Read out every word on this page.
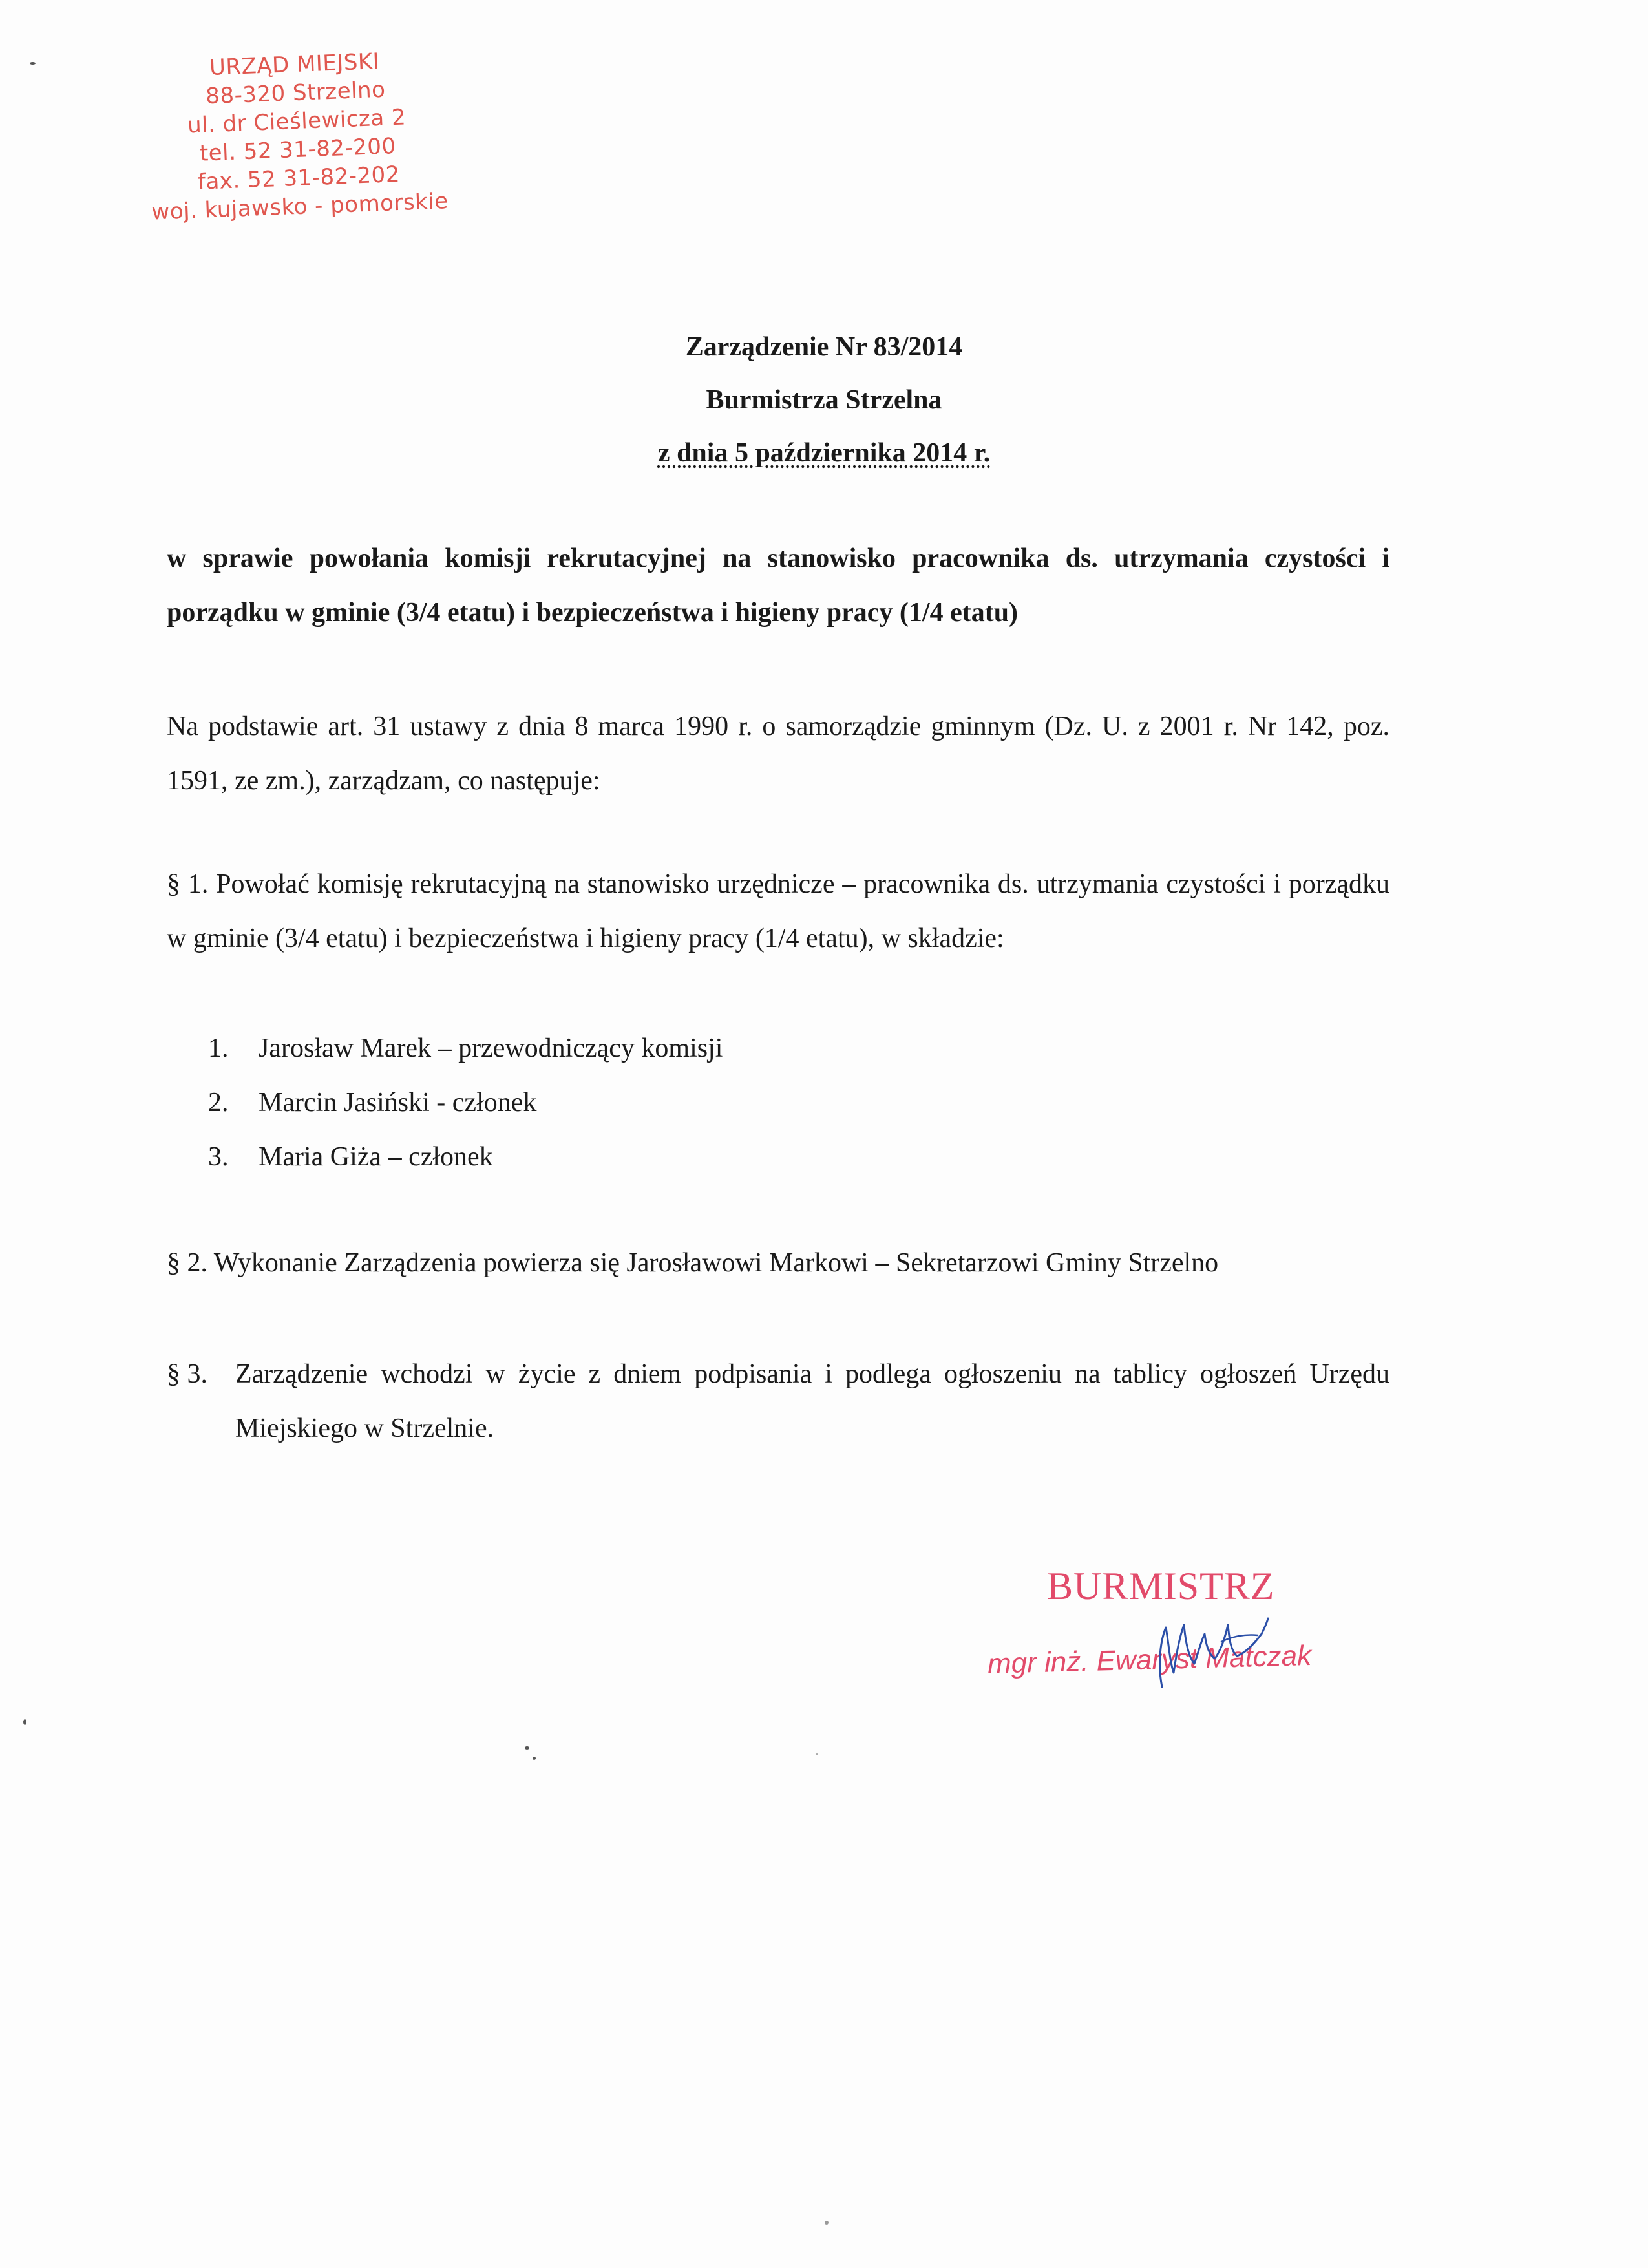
URZĄD MIEJSKI
88-320 Strzelno
ul. dr Cieślewicza 2
tel. 52 31-82-200
fax. 52 31-82-202
woj. kujawsko - pomorskie
Zarządzenie Nr 83/2014
Burmistrza Strzelna
z dnia 5 października 2014 r.
w sprawie powołania komisji rekrutacyjnej na stanowisko pracownika ds. utrzymania czystości i porządku w gminie (3/4 etatu) i bezpieczeństwa i higieny pracy (1/4 etatu)
Na podstawie art. 31 ustawy z dnia 8 marca 1990 r. o samorządzie gminnym (Dz. U. z 2001 r. Nr 142, poz. 1591, ze zm.), zarządzam, co następuje:
§ 1. Powołać komisję rekrutacyjną na stanowisko urzędnicze – pracownika ds. utrzymania czystości i porządku w gminie (3/4 etatu) i bezpieczeństwa i higieny pracy (1/4 etatu), w składzie:
1.	Jarosław Marek – przewodniczący komisji
2.	Marcin Jasiński - członek
3.	Maria Giża – członek
§ 2. Wykonanie Zarządzenia powierza się Jarosławowi Markowi – Sekretarzowi Gminy Strzelno
§ 3. Zarządzenie wchodzi w życie z dniem podpisania i podlega ogłoszeniu na tablicy ogłoszeń Urzędu Miejskiego w Strzelnie.
BURMISTRZ
mgr inż. Ewaryst Matczak
